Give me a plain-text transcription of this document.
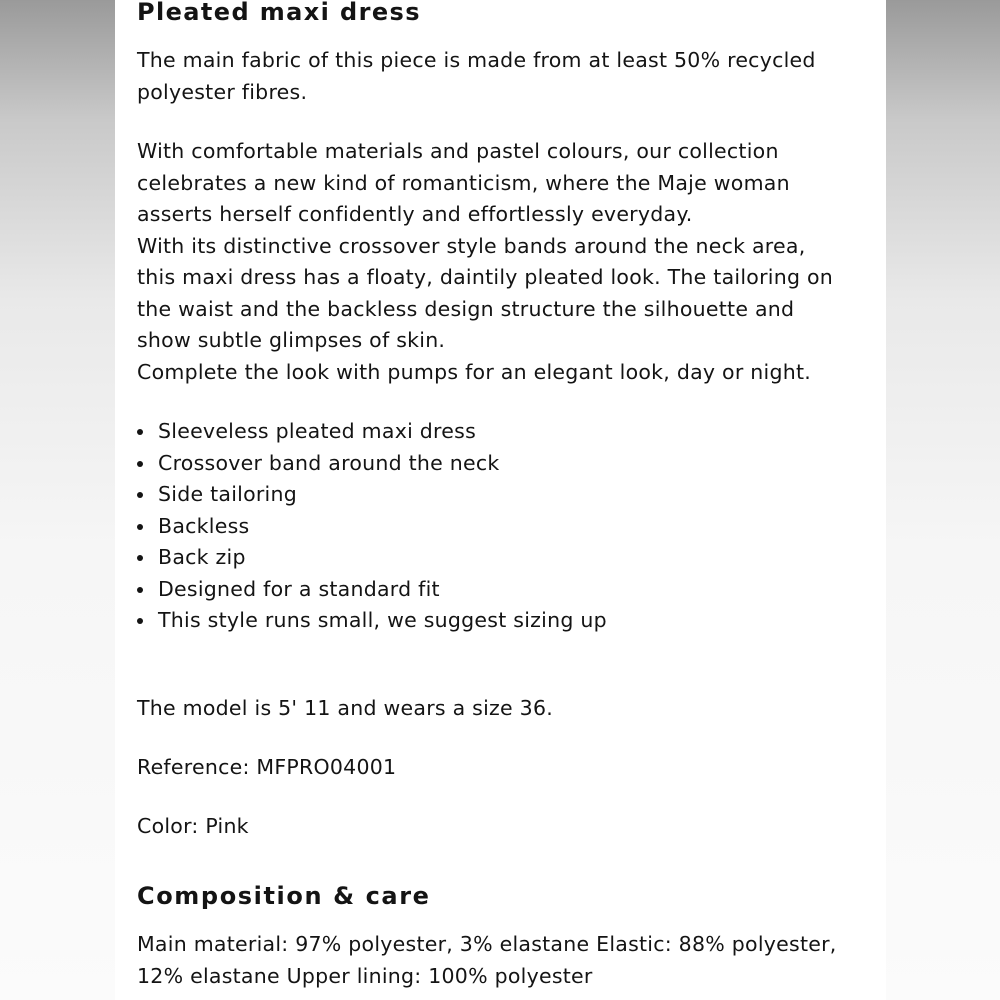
Pleated maxi dress

The main fabric of this piece is made from at least 50% recycled
polyester fibres.

With comfortable materials and pastel colours, our collection
celebrates a new kind of romanticism, where the Maje woman
asserts herself confidently and effortlessly everyday.
With its distinctive crossover style bands around the neck area,
this maxi dress has a floaty, daintily pleated look. The tailoring on
the waist and the backless design structure the silhouette and
show subtle glimpses of skin.
Complete the look with pumps for an elegant look, day or night.

Sleeveless pleated maxi dress
Crossover band around the neck
Side tailoring
Backless
Back zip
Designed for a standard fit
This style runs small, we suggest sizing up

The model is 5' 11 and wears a size 36.

Reference: MFPRO04001

Color: Pink

Composition & care

Main material: 97% polyester, 3% elastane Elastic: 88% polyester,
12% elastane Upper lining: 100% polyester
